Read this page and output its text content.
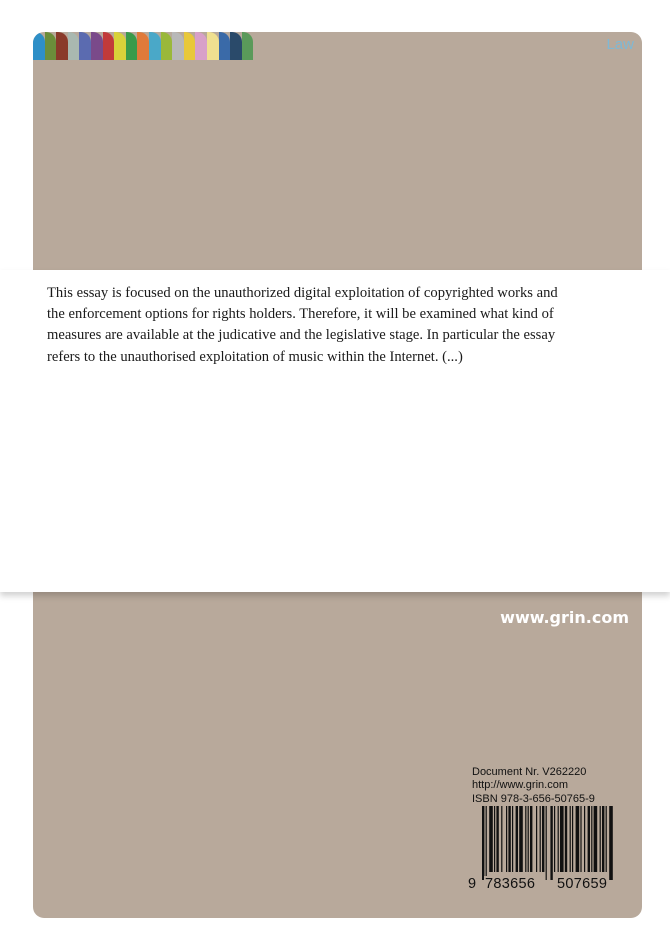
Law
This essay is focused on the unauthorized digital exploitation of copyrighted works and the enforcement options for rights holders. Therefore, it will be examined what kind of measures are available at the judicative and the legislative stage. In particular the essay refers to the unauthorised exploitation of music within the Internet. (...)
www.grin.com
Document Nr. V262220
http://www.grin.com
ISBN 978-3-656-50765-9
9 783656 507659
